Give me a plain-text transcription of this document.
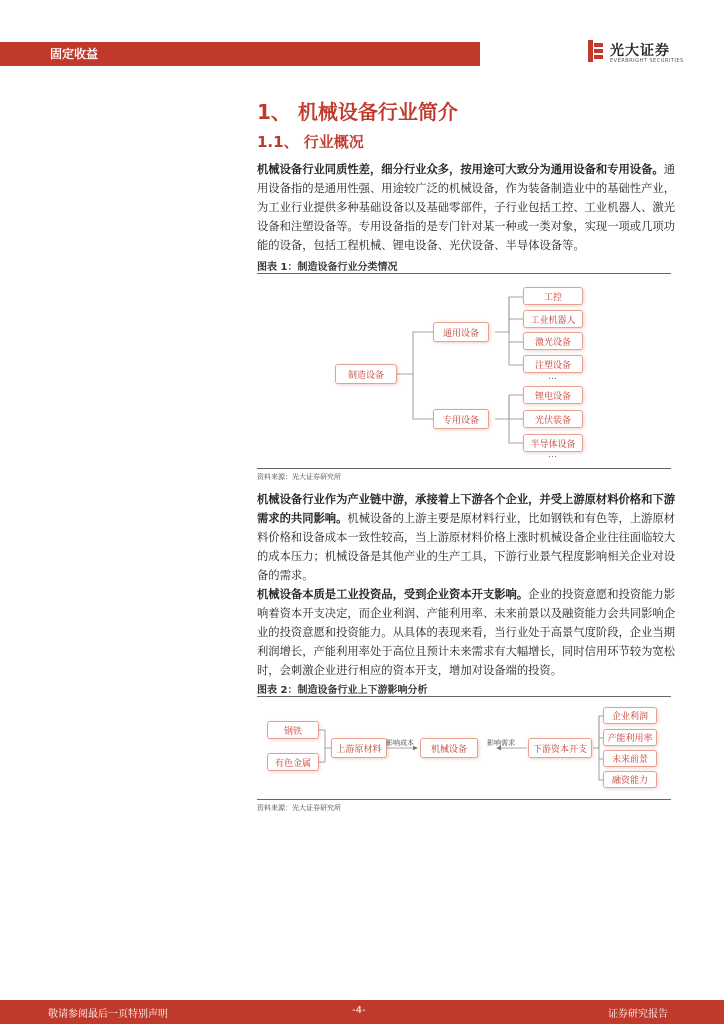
固定收益	光大证券
EVERBRIGHT SECURITIES
1、 机械设备行业简介
1.1、 行业概况
机械设备行业同质性差，细分行业众多，按用途可大致分为通用设备和专用设备。通用设备指的是通用性强、用途较广泛的机械设备，作为装备制造业中的基础性产业，为工业行业提供多种基础设备以及基础零部件，子行业包括工控、工业机器人、激光设备和注塑设备等。专用设备指的是专门针对某一种或一类对象，实现一项或几项功能的设备，包括工程机械、锂电设备、光伏设备、半导体设备等。
图表 1：制造设备行业分类情况
制造设备
通用设备
专用设备
工控
工业机器人
激光设备
注塑设备
…
锂电设备
光伏装备
半导体设备
…
资料来源：光大证券研究所
机械设备行业作为产业链中游，承接着上下游各个企业，并受上游原材料价格和下游需求的共同影响。机械设备的上游主要是原材料行业，比如钢铁和有色等，上游原材料价格和设备成本一致性较高，当上游原材料价格上涨时机械设备企业往往面临较大的成本压力；机械设备是其他产业的生产工具，下游行业景气程度影响相关企业对设备的需求。
机械设备本质是工业投资品，受到企业资本开支影响。企业的投资意愿和投资能力影响着资本开支决定，而企业利润、产能利用率、未来前景以及融资能力会共同影响企业的投资意愿和投资能力。从具体的表现来看，当行业处于高景气度阶段，企业当期利润增长，产能利用率处于高位且预计未来需求有大幅增长，同时信用环节较为宽松时，会刺激企业进行相应的资本开支，增加对设备端的投资。
图表 2：制造设备行业上下游影响分析
钢铁
有色金属
上游原材料
影响成本
机械设备
影响需求
下游资本开支
企业利润
产能利用率
未来前景
融资能力
资料来源：光大证券研究所
敬请参阅最后一页特别声明	-4-	证券研究报告
